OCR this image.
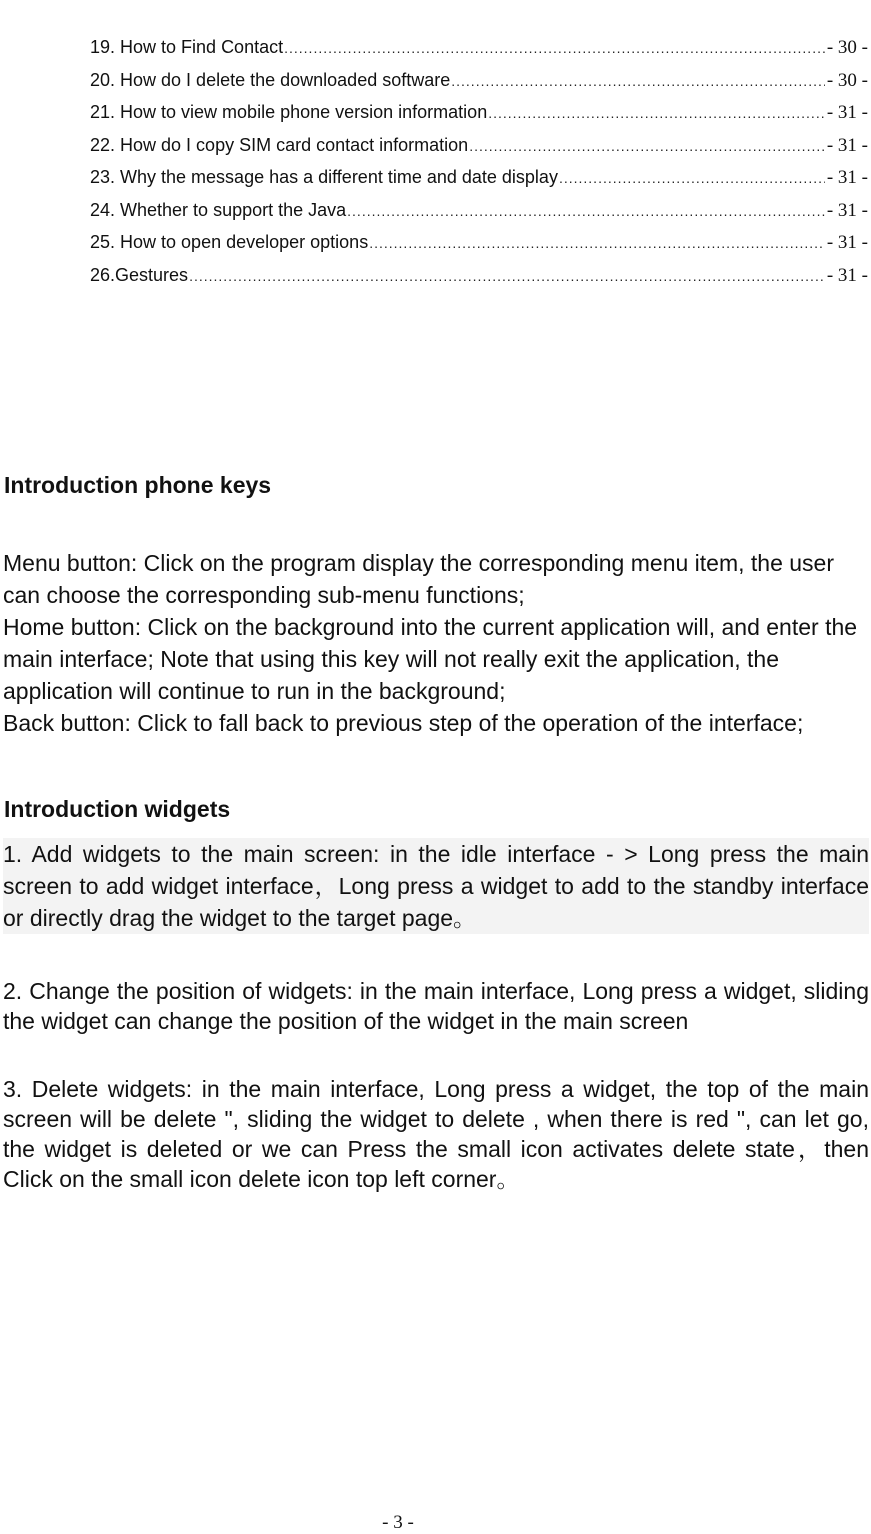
19. How to Find Contact .....	- 30 -
20. How do I delete the downloaded software .....	- 30 -
21. How to view mobile phone version information .....	- 31 -
22. How do I copy SIM card contact information .....	- 31 -
23. Why the message has a different time and date display .....	- 31 -
24. Whether to support the Java .....	- 31 -
25. How to open developer options .....	- 31 -
26.Gestures .....	- 31 -
Introduction phone keys

Menu button: Click on the program display the corresponding menu item, the user can choose the corresponding sub-menu functions;

Home button: Click on the background into the current application will, and enter the main interface; Note that using this key will not really exit the application, the application will continue to run in the background;

Back button: Click to fall back to previous step of the operation of the interface;

Introduction widgets
1. Add widgets to the main screen: in the idle interface - > Long press the main screen to add widget interface，Long press a widget to add to the standby interface or directly drag the widget to the target page。
2. Change the position of widgets: in the main interface, Long press a widget, sliding the widget can change the position of the widget in the main screen
3. Delete widgets: in the main interface, Long press a widget, the top of the main screen will be delete ", sliding the widget to delete , when there is red ", can let go, the widget is deleted or we can Press the small icon activates delete state，then Click on the small icon delete icon top left corner。
- 3 -
